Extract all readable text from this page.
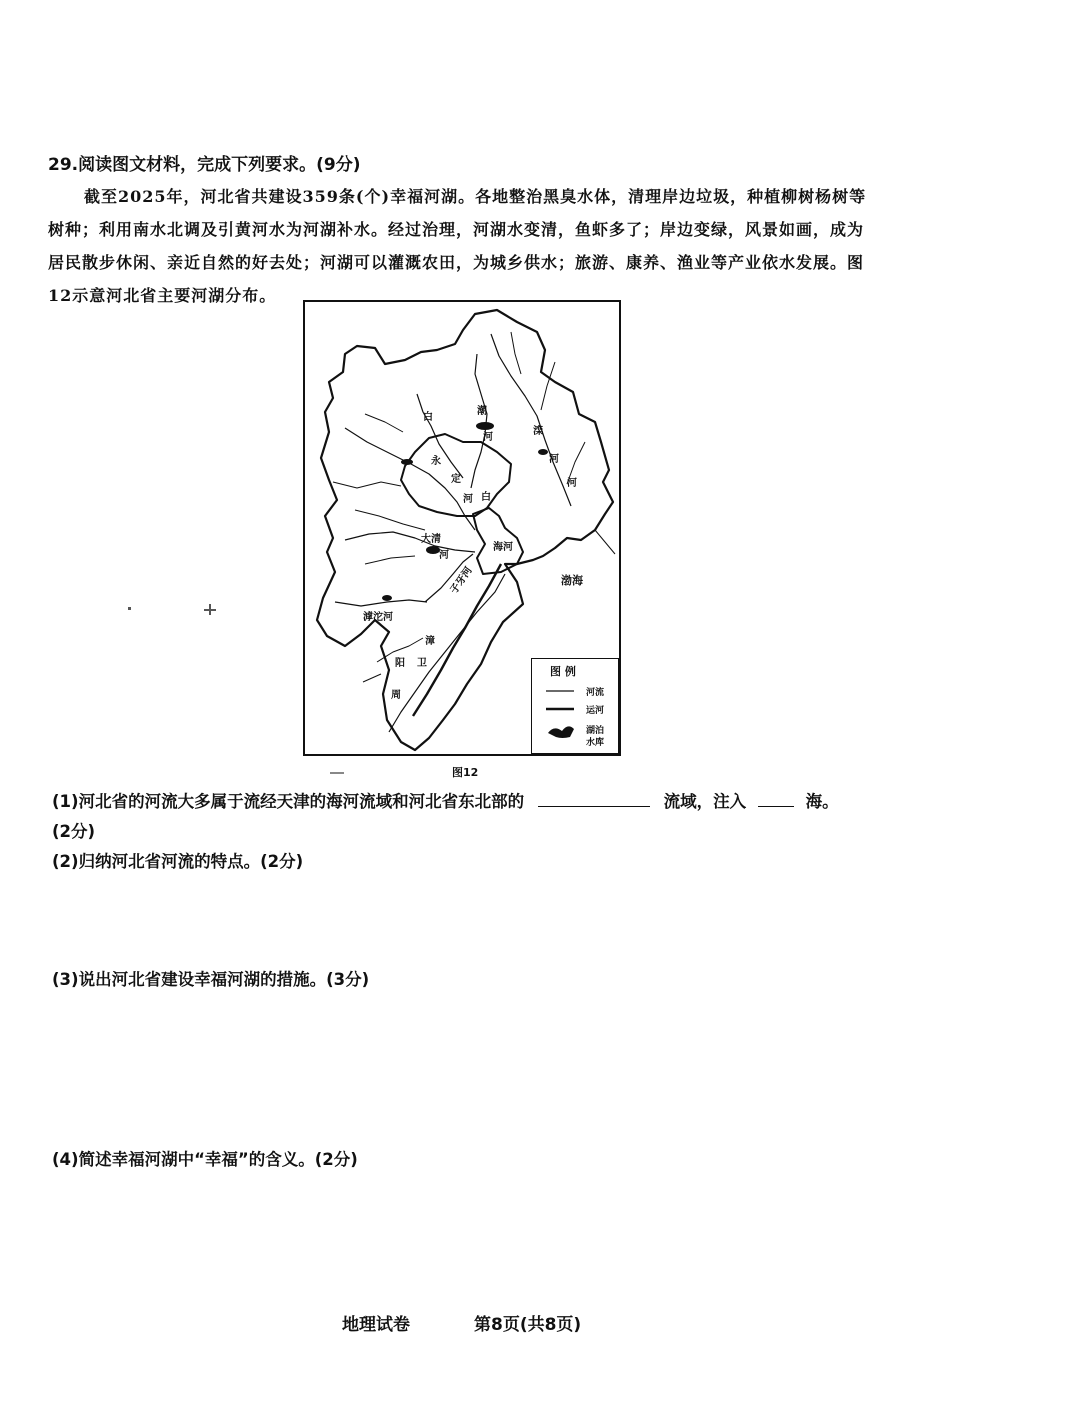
29.阅读图文材料，完成下列要求。(9分)
截至2025年，河北省共建设359条(个)幸福河湖。各地整治黑臭水体，清理岸边垃圾，种植柳树杨树等树种；利用南水北调及引黄河水为河湖补水。经过治理，河湖水变清，鱼虾多了；岸边变绿，风景如画，成为居民散步休闲、亲近自然的好去处；河湖可以灌溉农田，为城乡供水；旅游、康养、渔业等产业依水发展。图12示意河北省主要河湖分布。
白
潮
河
滦
河
河
永
定
河 白
大清
河
海河
子牙河
滹沱河
漳
卫
阳
周
渤海
图 例
河流
运河
湖泊
水库
图12
(1)河北省的河流大多属于流经天津的海河流域和河北省东北部的	流域，注入	海。
(2分)
(2)归纳河北省河流的特点。(2分)
(3)说出河北省建设幸福河湖的措施。(3分)
(4)简述幸福河湖中“幸福”的含义。(2分)
地理试卷	第8页(共8页)
